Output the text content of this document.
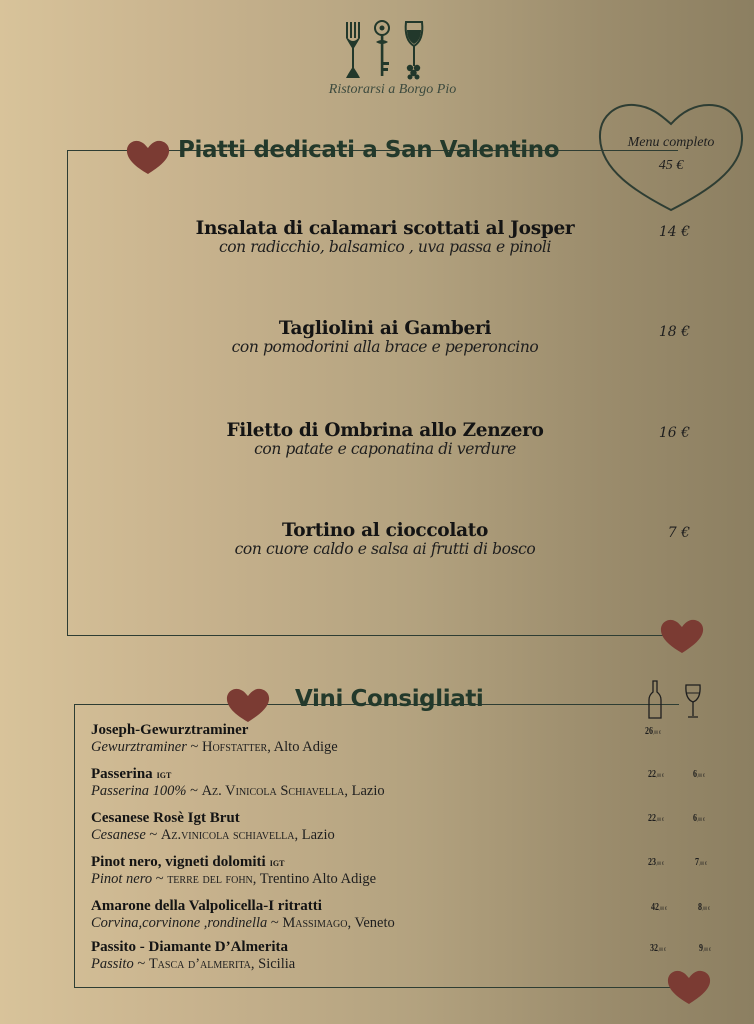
Ristorarsi a Borgo Pio
Piatti dedicati a San Valentino	Menu completo
45 €
Insalata di calamari scottati al Josper
con radicchio, balsamico , uva passa e pinoli
14 €
Tagliolini ai Gamberi
con pomodorini alla brace e peperoncino
18 €
Filetto di Ombrina allo Zenzero
con patate e caponatina di verdure
16 €
Tortino al cioccolato
con cuore caldo e salsa ai frutti di bosco
7 €
Vini Consigliati
Joseph-Gewurztraminer
Gewurztraminer ~ Hofstatter, Alto Adige
26,00 €
Passerina igt
Passerina 100% ~ Az. Vinicola Schiavella, Lazio
22,00 €	6,00 €
Cesanese Rosè Igt Brut
Cesanese ~ Az.vinicola schiavella, Lazio
22,00 €	6,00 €
Pinot nero, vigneti dolomiti igt
Pinot nero ~ terre del fohn, Trentino Alto Adige
23,00 €	7,00 €
Amarone della Valpolicella-I ritratti
Corvina,corvinone ,rondinella ~ Massimago, Veneto
42,00 €	8,00 €
Passito - Diamante D’Almerita
Passito ~ Tasca d’almerita, Sicilia
32,00 €	9,00 €
